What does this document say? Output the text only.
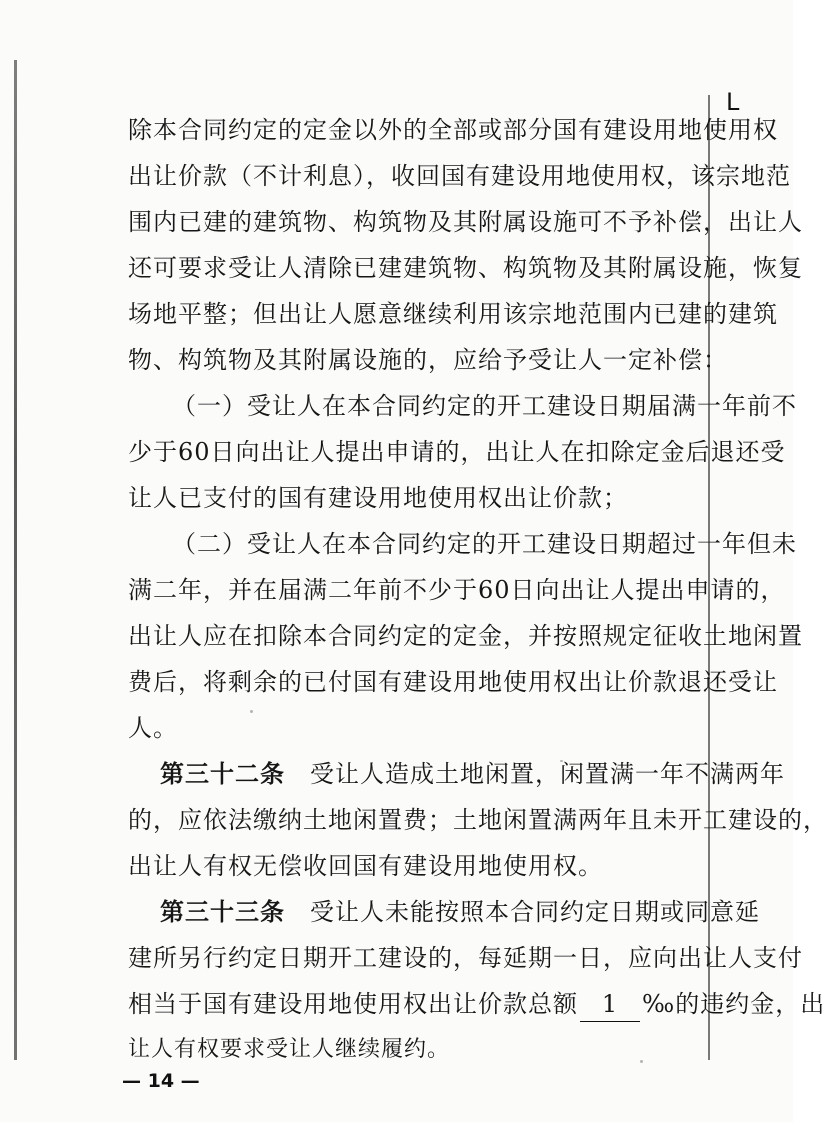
L
除本合同约定的定金以外的全部或部分国有建设用地使用权
出让价款（不计利息），收回国有建设用地使用权，该宗地范
围内已建的建筑物、构筑物及其附属设施可不予补偿，出让人
还可要求受让人清除已建建筑物、构筑物及其附属设施，恢复
场地平整；但出让人愿意继续利用该宗地范围内已建的建筑
物、构筑物及其附属设施的，应给予受让人一定补偿：
（一）受让人在本合同约定的开工建设日期届满一年前不
少于60日向出让人提出申请的，出让人在扣除定金后退还受
让人已支付的国有建设用地使用权出让价款；
（二）受让人在本合同约定的开工建设日期超过一年但未
满二年，并在届满二年前不少于60日向出让人提出申请的，
出让人应在扣除本合同约定的定金，并按照规定征收土地闲置
费后，将剩余的已付国有建设用地使用权出让价款退还受让
人。
第三十二条　 受让人造成土地闲置，闲置满一年不满两年
的，应依法缴纳土地闲置费；土地闲置满两年且未开工建设的，
出让人有权无偿收回国有建设用地使用权。
第三十三条　 受让人未能按照本合同约定日期或同意延
建所另行约定日期开工建设的，每延期一日，应向出让人支付
相当于国有建设用地使用权出让价款总额 1 ‰的违约金，出
让人有权要求受让人继续履约。
— 14 —
